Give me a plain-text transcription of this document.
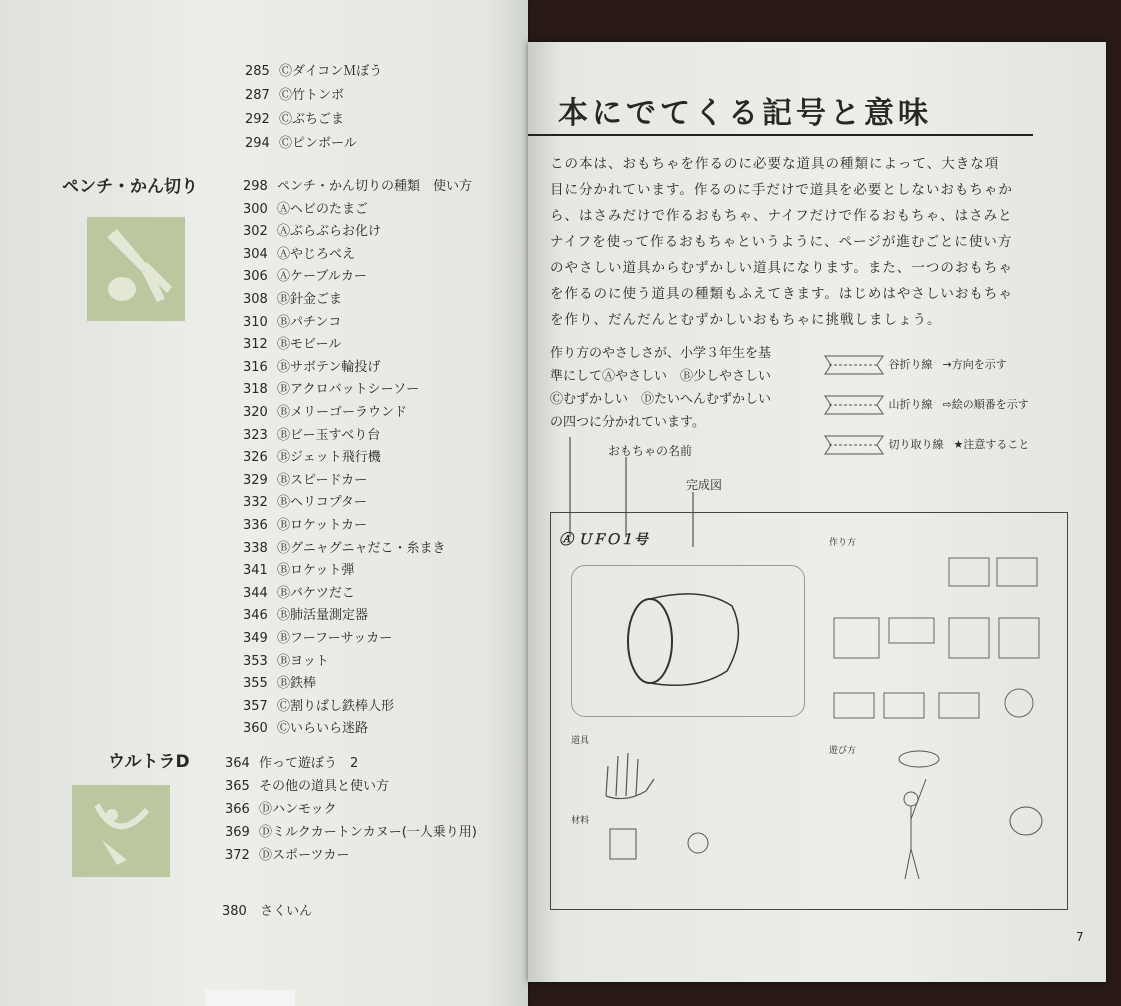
285 ⒸダイコンＭぼう
287 Ⓒ竹トンボ
292 Ⓒぶちごま
294 Ⓒピンボール
ペンチ・かん切り	298 ペンチ・かん切りの種類　使い方
300 Ⓐヘビのたまご
302 Ⓐぶらぶらお化け
304 Ⓐやじろべえ
306 Ⓐケーブルカー
308 Ⓑ針金ごま
310 Ⓑパチンコ
312 Ⓑモビール
316 Ⓑサボテン輪投げ
318 Ⓑアクロバットシーソー
320 Ⓑメリーゴーラウンド
323 Ⓑビー玉すべり台
326 Ⓑジェット飛行機
329 Ⓑスピードカー
332 Ⓑヘリコプター
336 Ⓑロケットカー
338 Ⓑグニャグニャだこ・糸まき
341 Ⓑロケット弾
344 Ⓑバケツだこ
346 Ⓑ肺活量測定器
349 Ⓑフーフーサッカー
353 Ⓑヨット
355 Ⓑ鉄棒
357 Ⓒ割りばし鉄棒人形
360 Ⓒいらいら迷路
ウルトラD	364 作って遊ぼう　2
365 その他の道具と使い方
366 Ⓓハンモック
369 Ⓓミルクカートンカヌー(一人乗り用)
372 Ⓓスポーツカー
380 さくいん
本にでてくる記号と意味
この本は、おもちゃを作るのに必要な道具の種類によって、大きな項
目に分かれています。作るのに手だけで道具を必要としないおもちゃか
ら、はさみだけで作るおもちゃ、ナイフだけで作るおもちゃ、はさみと
ナイフを使って作るおもちゃというように、ページが進むごとに使い方
のやさしい道具からむずかしい道具になります。また、一つのおもちゃ
を作るのに使う道具の種類もふえてきます。はじめはやさしいおもちゃ
を作り、だんだんとむずかしいおもちゃに挑戦しましょう。
作り方のやさしさが、小学３年生を基
準にしてⒶやさしい　Ⓑ少しやさしい
Ⓒむずかしい　Ⓓたいへんむずかしい
の四つに分かれています。
谷折り線 →方向を示す
山折り線 ⇨絵の順番を示す
切り取り線 ★注意すること
おもちゃの名前
完成図
Ⓐ ＵＦＯ１号
道具
材料
作り方
遊び方
7
